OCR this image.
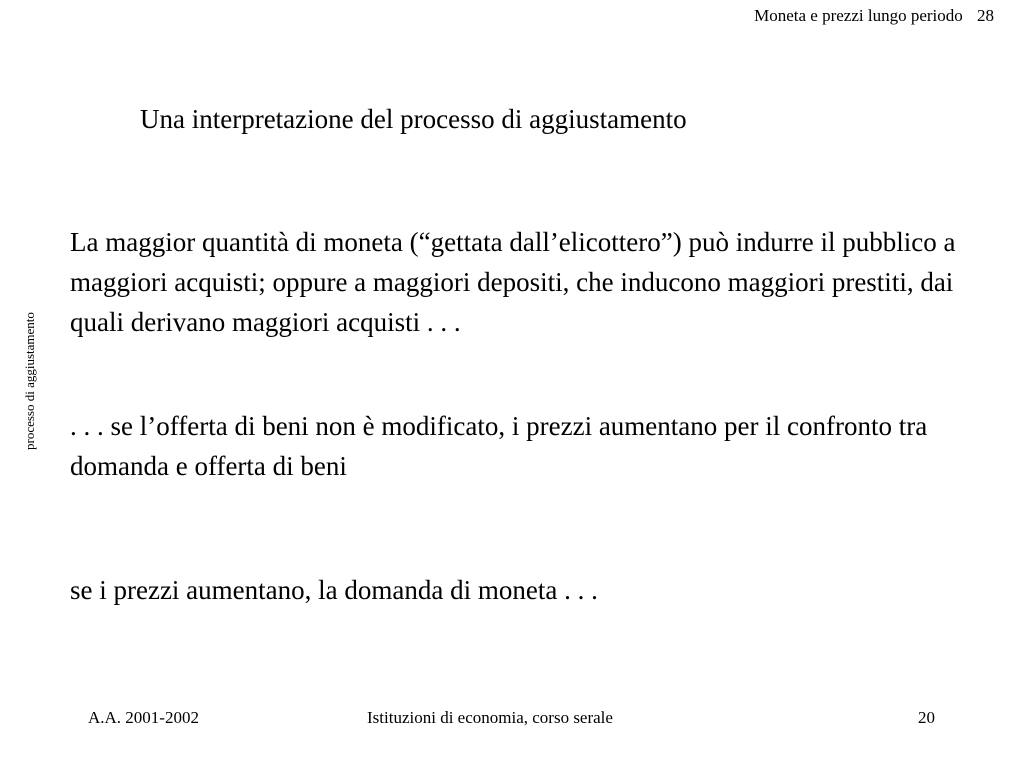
Moneta e prezzi lungo periodo 28
processo di aggiustamento
Una interpretazione del processo di aggiustamento
La maggior quantità di moneta (“gettata dall’elicottero”) può indurre il pubblico a maggiori acquisti; oppure a maggiori depositi, che inducono maggiori prestiti, dai quali derivano maggiori acquisti . . .
. . . se l’offerta di beni non è modificato, i prezzi aumentano per il confronto tra domanda e offerta di beni
se i prezzi aumentano, la domanda di moneta . . .
A.A. 2001-2002	Istituzioni di economia, corso serale	20
